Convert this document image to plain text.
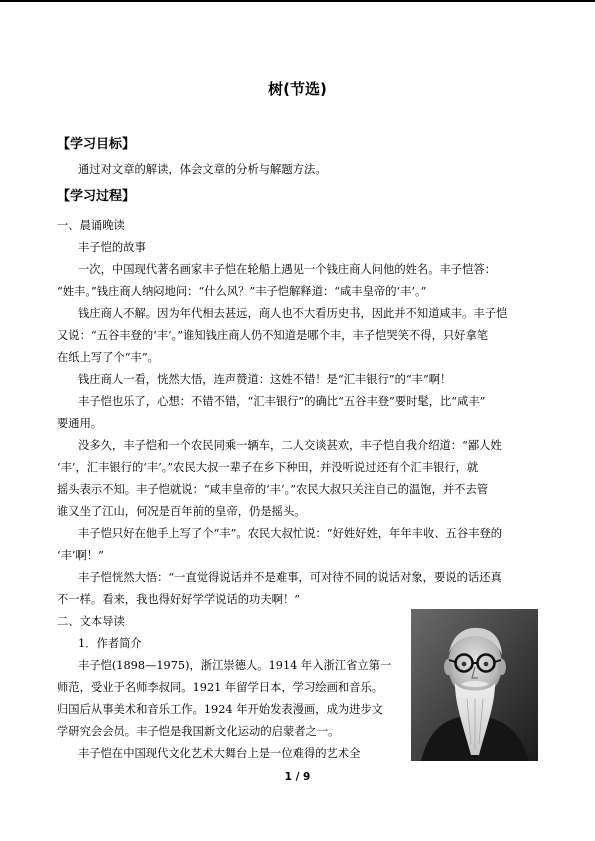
树(节选)
【学习目标】
通过对文章的解读，体会文章的分析与解题方法。
【学习过程】
一、晨诵晚读
丰子恺的故事
一次，中国现代著名画家丰子恺在轮船上遇见一个钱庄商人问他的姓名。丰子恺答：
“姓丰。”钱庄商人纳闷地问：“什么风？”丰子恺解释道：“咸丰皇帝的‘丰’。”
钱庄商人不解。因为年代相去甚远，商人也不大看历史书，因此并不知道咸丰。丰子恺
又说：“五谷丰登的‘丰’。”谁知钱庄商人仍不知道是哪个丰，丰子恺哭笑不得，只好拿笔
在纸上写了个“丰”。
钱庄商人一看，恍然大悟，连声赞道：这姓不错！是“汇丰银行”的“丰”啊！
丰子恺也乐了，心想：不错不错，“汇丰银行”的确比“五谷丰登”要时髦，比“咸丰”
要通用。
没多久，丰子恺和一个农民同乘一辆车，二人交谈甚欢，丰子恺自我介绍道：“鄙人姓
‘丰’，汇丰银行的‘丰’。”农民大叔一辈子在乡下种田，并没听说过还有个汇丰银行，就
摇头表示不知。丰子恺就说：“咸丰皇帝的‘丰’。”农民大叔只关注自己的温饱，并不去管
谁又坐了江山，何况是百年前的皇帝，仍是摇头。
丰子恺只好在他手上写了个“丰”。农民大叔忙说：“好姓好姓，年年丰收、五谷丰登的
‘丰’啊！”
丰子恺恍然大悟：“一直觉得说话并不是难事，可对待不同的说话对象，要说的话还真
不一样。看来，我也得好好学学说话的功夫啊！”
二、文本导读
1．作者简介
丰子恺(1898—1975)，浙江崇德人。1914 年入浙江省立第一
师范，受业于名师李叔同。1921 年留学日本，学习绘画和音乐。
归国后从事美术和音乐工作。1924 年开始发表漫画，成为进步文
学研究会会员。丰子恺是我国新文化运动的启蒙者之一。
丰子恺在中国现代文化艺术大舞台上是一位难得的艺术全
1 / 9
